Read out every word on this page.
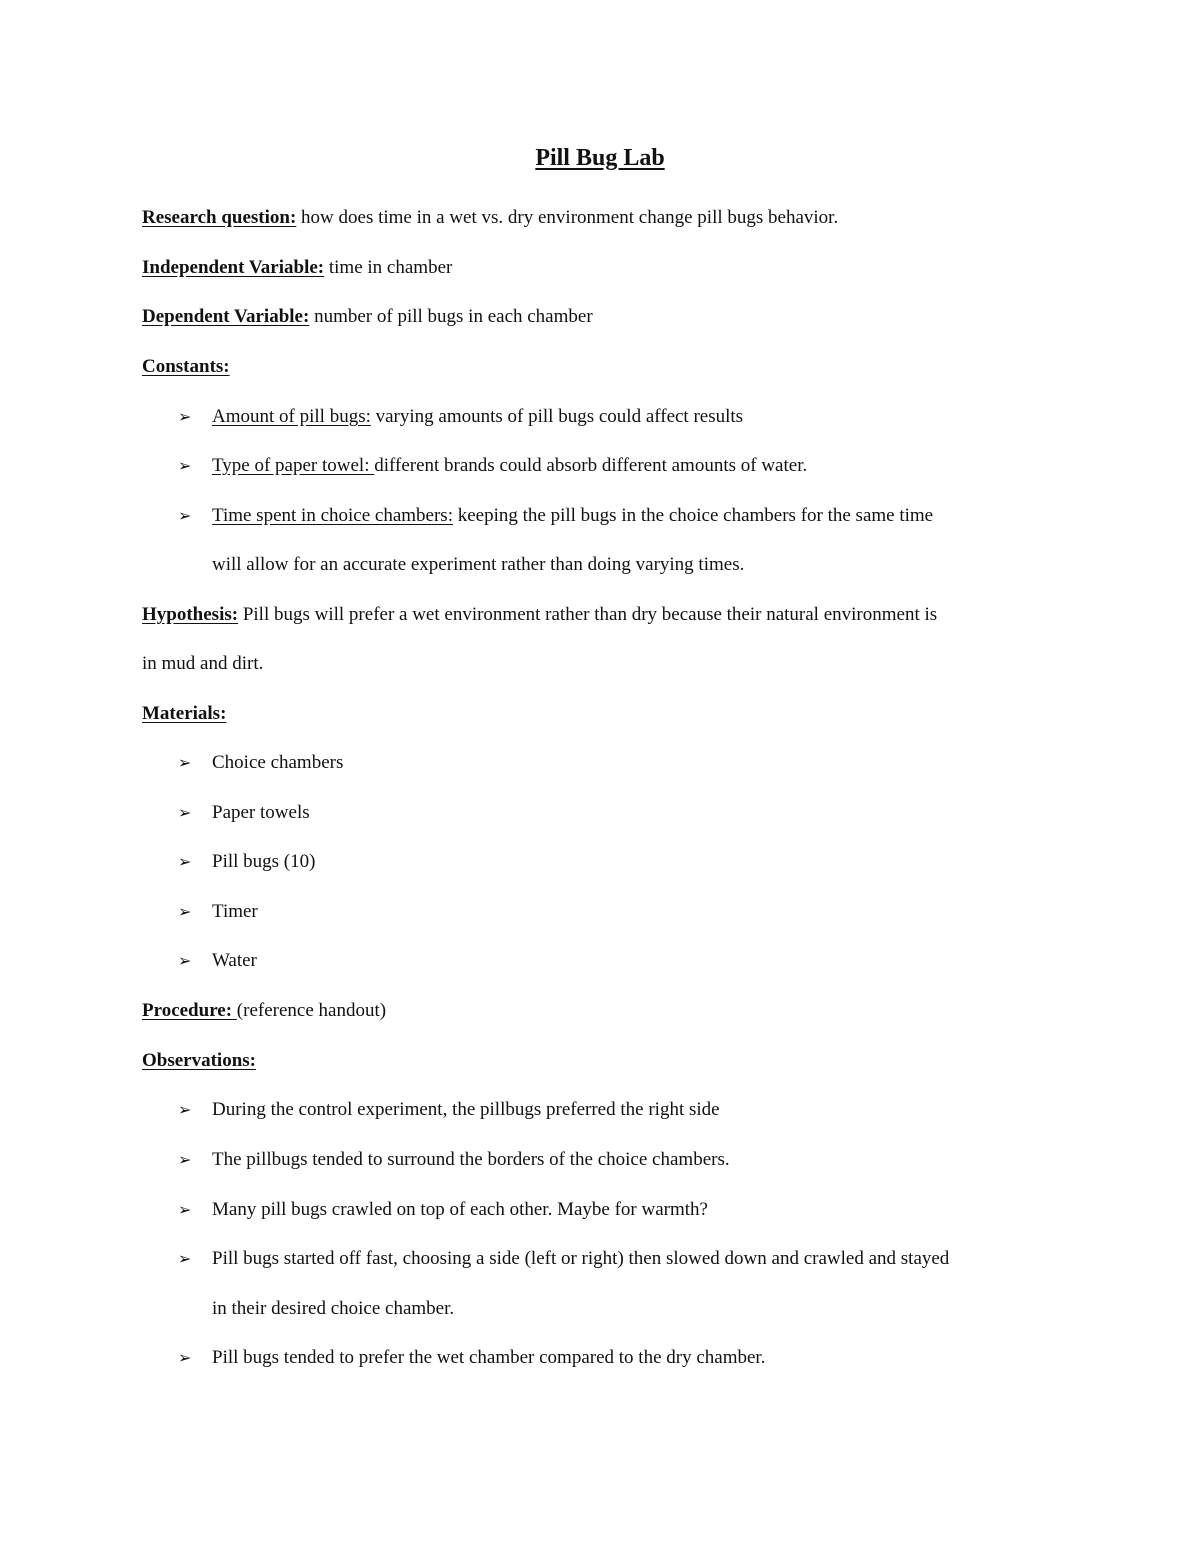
Pill Bug Lab

Research question: how does time in a wet vs. dry environment change pill bugs behavior.

Independent Variable: time in chamber

Dependent Variable: number of pill bugs in each chamber

Constants:

➢ Amount of pill bugs: varying amounts of pill bugs could affect results

➢ Type of paper towel: different brands could absorb different amounts of water.

➢ Time spent in choice chambers: keeping the pill bugs in the choice chambers for the same time

will allow for an accurate experiment rather than doing varying times.

Hypothesis: Pill bugs will prefer a wet environment rather than dry because their natural environment is

in mud and dirt.

Materials:

➢ Choice chambers

➢ Paper towels

➢ Pill bugs (10)

➢ Timer

➢ Water

Procedure: (reference handout)

Observations:

➢ During the control experiment, the pillbugs preferred the right side

➢ The pillbugs tended to surround the borders of the choice chambers.

➢ Many pill bugs crawled on top of each other. Maybe for warmth?

➢ Pill bugs started off fast, choosing a side (left or right) then slowed down and crawled and stayed

in their desired choice chamber.

➢ Pill bugs tended to prefer the wet chamber compared to the dry chamber.
